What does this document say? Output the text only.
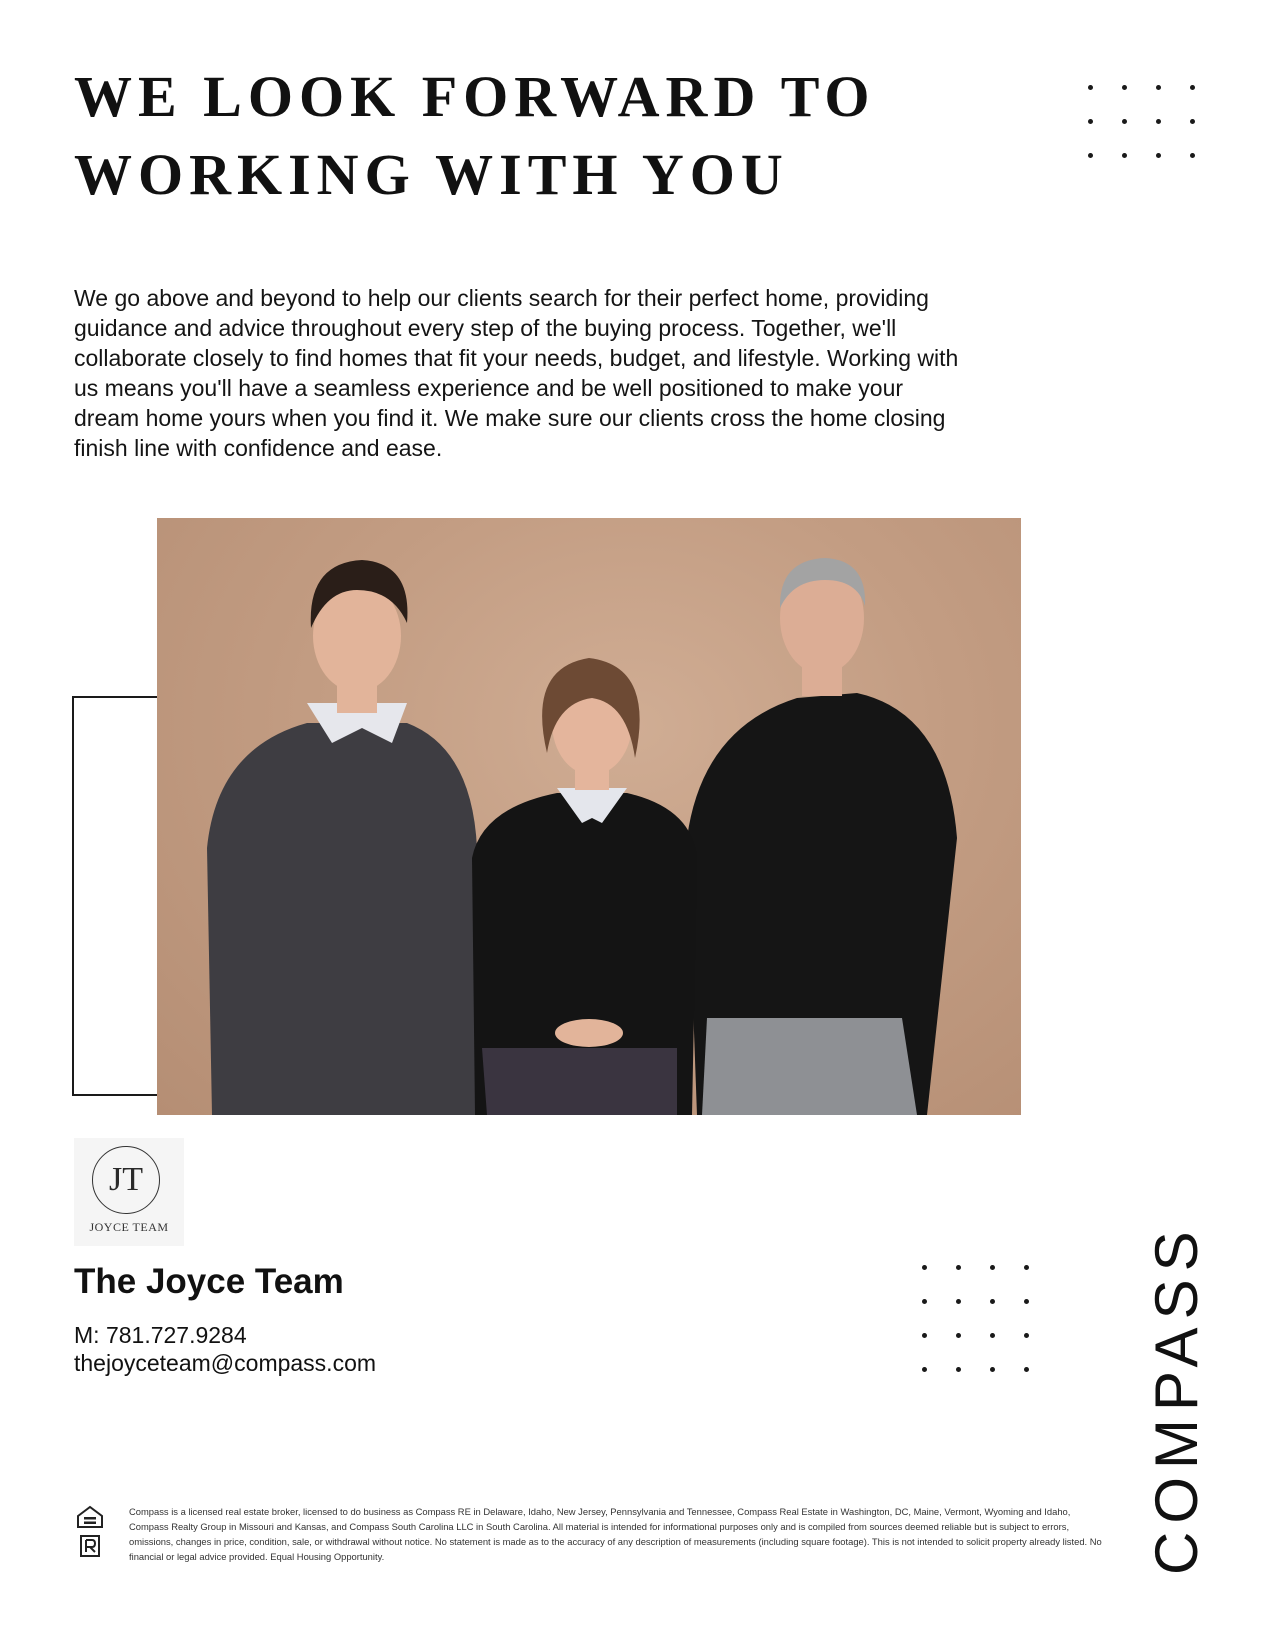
WE LOOK FORWARD TO
WORKING WITH YOU

We go above and beyond to help our clients search for their perfect home, providing guidance and advice throughout every step of the buying process. Together, we'll collaborate closely to find homes that fit your needs, budget, and lifestyle. Working with us means you'll have a seamless experience and be well positioned to make your dream home yours when you find it. We make sure our clients cross the home closing finish line with confidence and ease.

JT
JOYCE TEAM
The Joyce Team
M: 781.727.9284
thejoyceteam@compass.com	COMPASS

Compass is a licensed real estate broker, licensed to do business as Compass RE in Delaware, Idaho, New Jersey, Pennsylvania and Tennessee, Compass Real Estate in Washington, DC, Maine, Vermont, Wyoming and Idaho, Compass Realty Group in Missouri and Kansas, and Compass South Carolina LLC in South Carolina. All material is intended for informational purposes only and is compiled from sources deemed reliable but is subject to errors, omissions, changes in price, condition, sale, or withdrawal without notice. No statement is made as to the accuracy of any description of measurements (including square footage). This is not intended to solicit property already listed. No financial or legal advice provided. Equal Housing Opportunity.
